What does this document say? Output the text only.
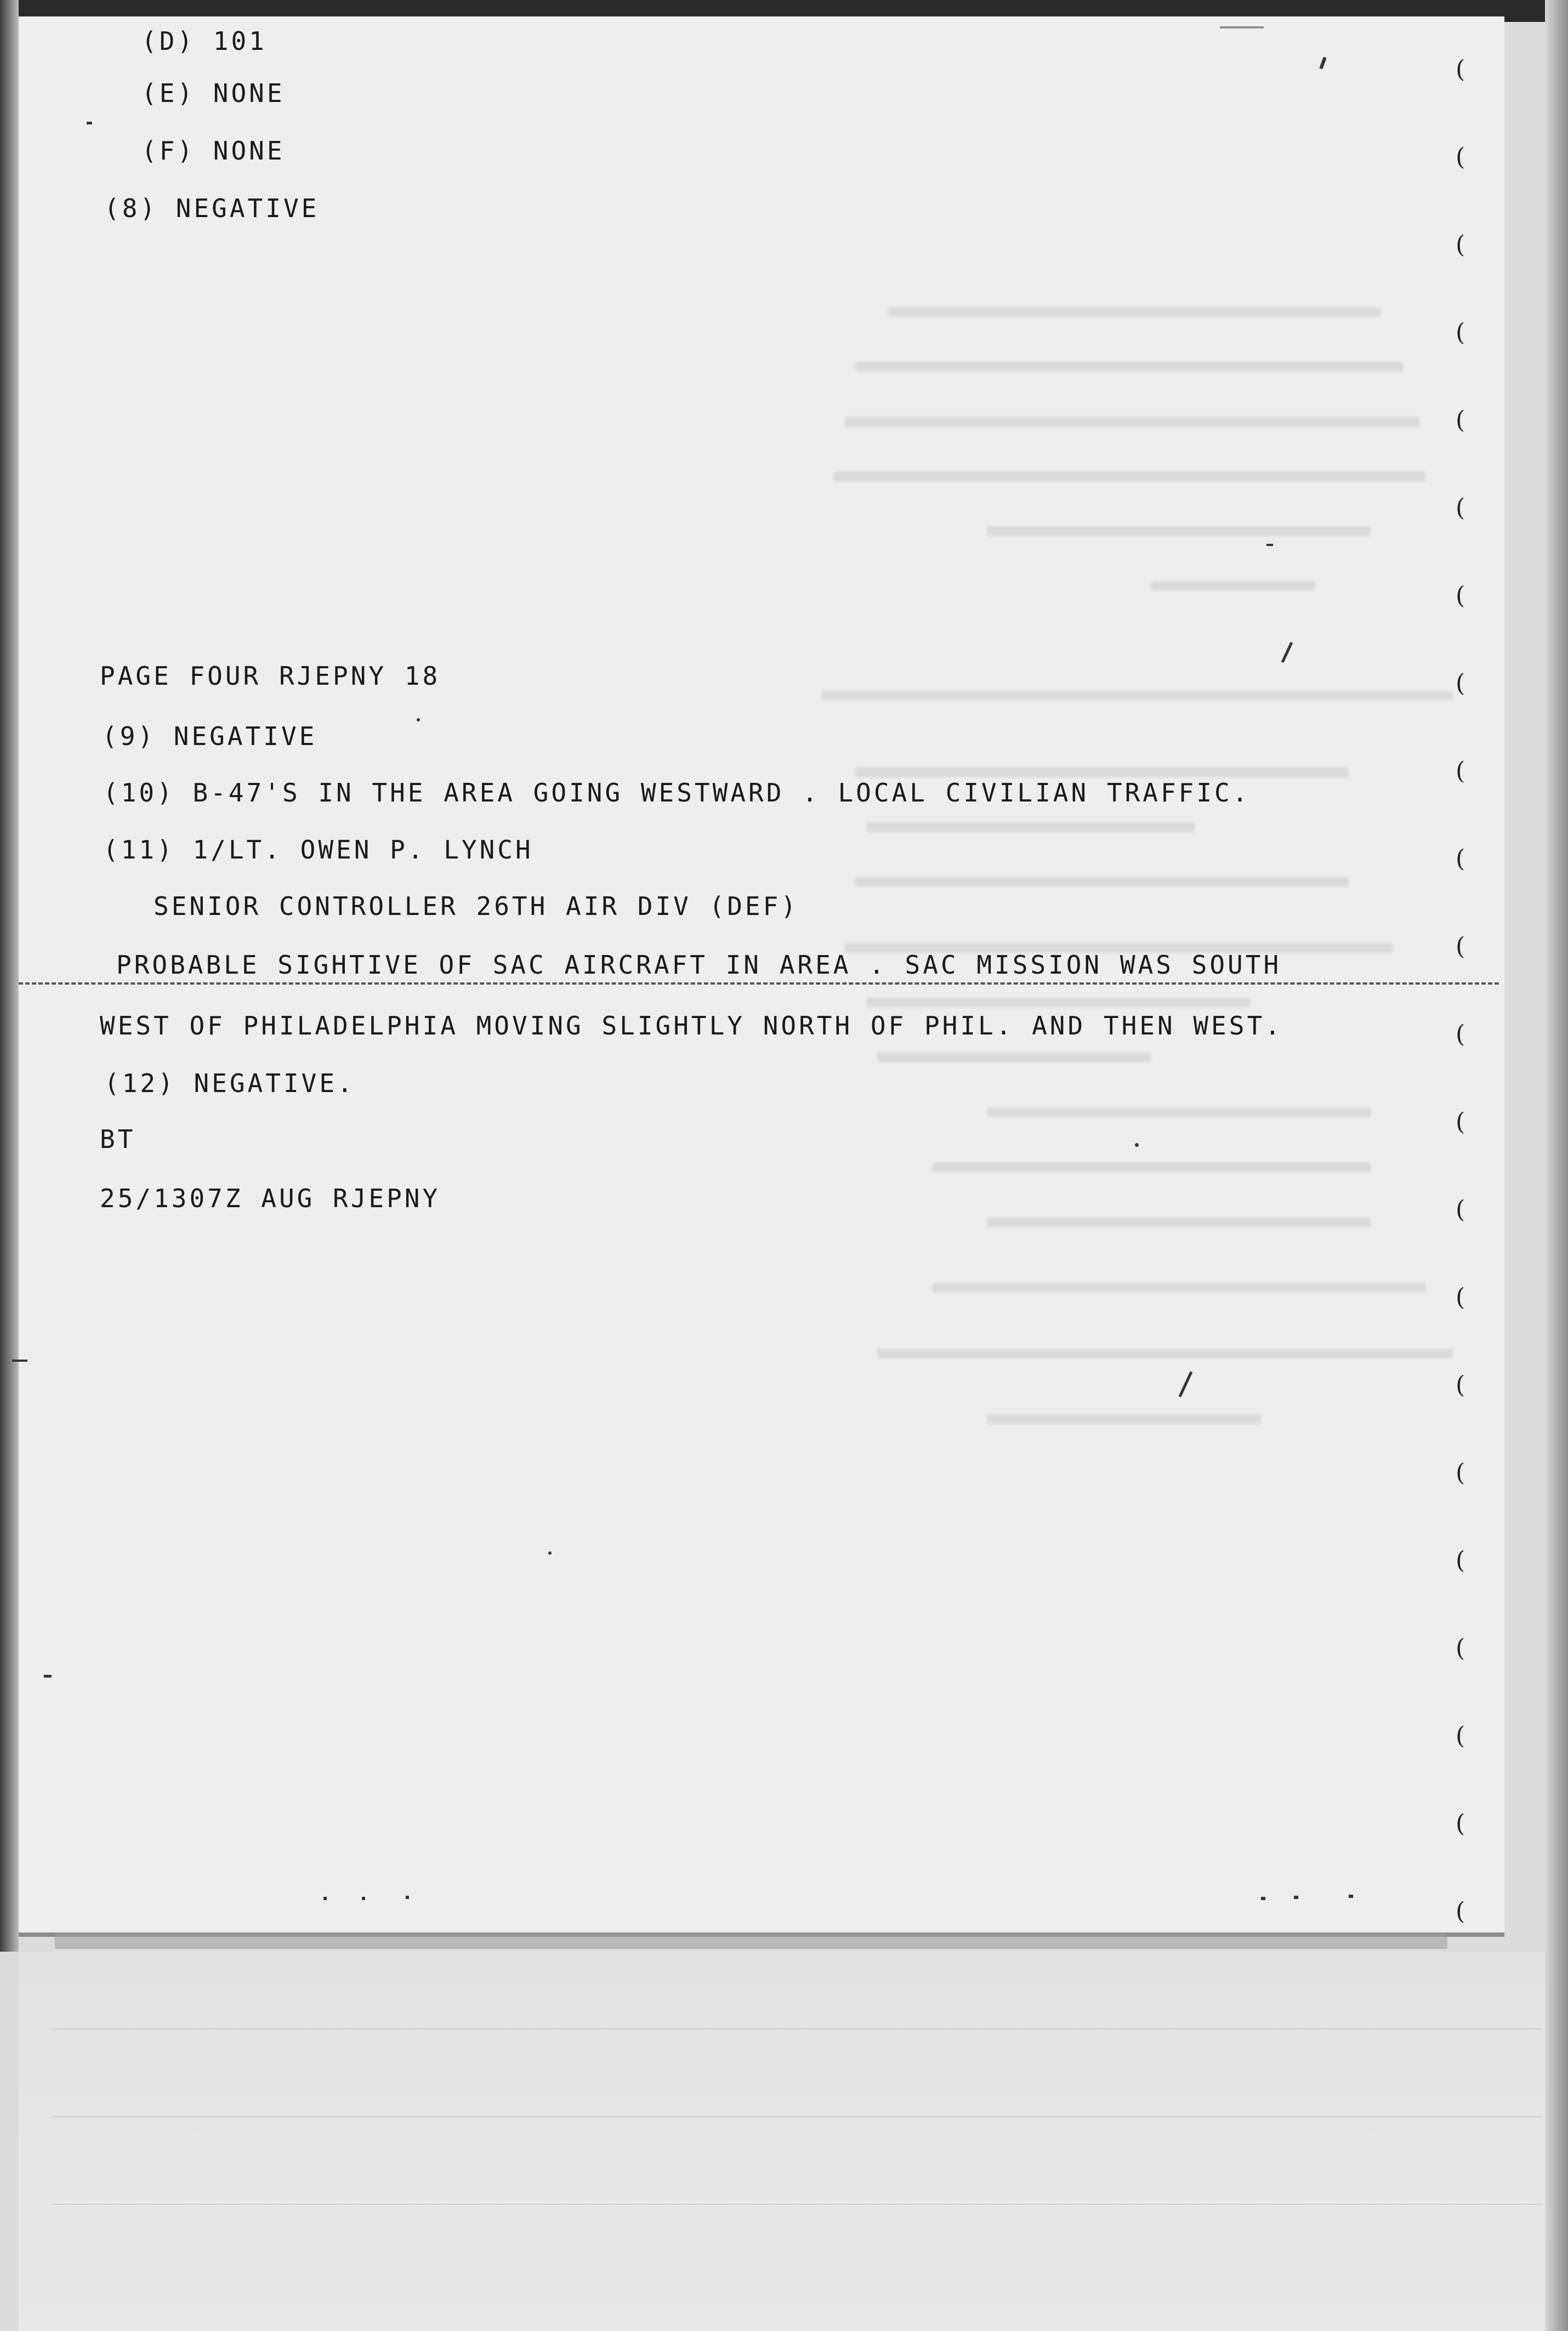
(
(
(
(
(
(
(
(
(
(
(
(
(
(
(
(
(
(
(
(
(
(
(D) 101
(E) NONE
(F) NONE
(8) NEGATIVE
PAGE FOUR RJEPNY 18
(9) NEGATIVE
(10) B-47'S IN THE AREA GOING WESTWARD . LOCAL CIVILIAN TRAFFIC.
(11) 1/LT. OWEN P. LYNCH
SENIOR CONTROLLER 26TH AIR DIV (DEF)
PROBABLE SIGHTIVE OF SAC AIRCRAFT IN AREA . SAC MISSION WAS SOUTH
WEST OF PHILADELPHIA MOVING SLIGHTLY NORTH OF PHIL. AND THEN WEST.
(12) NEGATIVE.
BT
25/1307Z AUG RJEPNY
